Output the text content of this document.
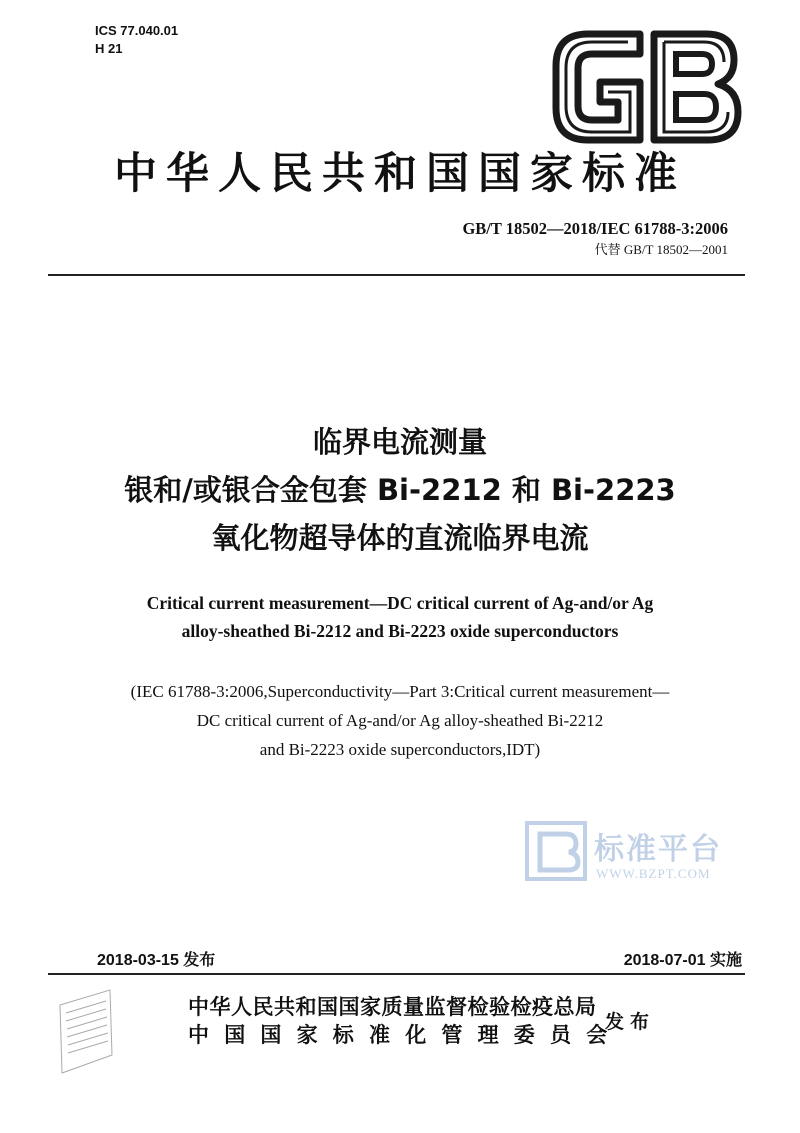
ICS 77.040.01
H 21
中华人民共和国国家标准
GB/T 18502—2018/IEC 61788-3:2006
代替 GB/T 18502—2001
临界电流测量
银和/或银合金包套 Bi-2212 和 Bi-2223
氧化物超导体的直流临界电流
Critical current measurement—DC critical current of Ag-and/or Ag
alloy-sheathed Bi-2212 and Bi-2223 oxide superconductors
(IEC 61788-3:2006,Superconductivity—Part 3:Critical current measurement—
DC critical current of Ag-and/or Ag alloy-sheathed Bi-2212
and Bi-2223 oxide superconductors,IDT)
标准平台
WWW.BZPT.COM
2018-03-15 发布	2018-07-01 实施
中华人民共和国国家质量监督检验检疫总局
中国国家标准化管理委员会
发布
